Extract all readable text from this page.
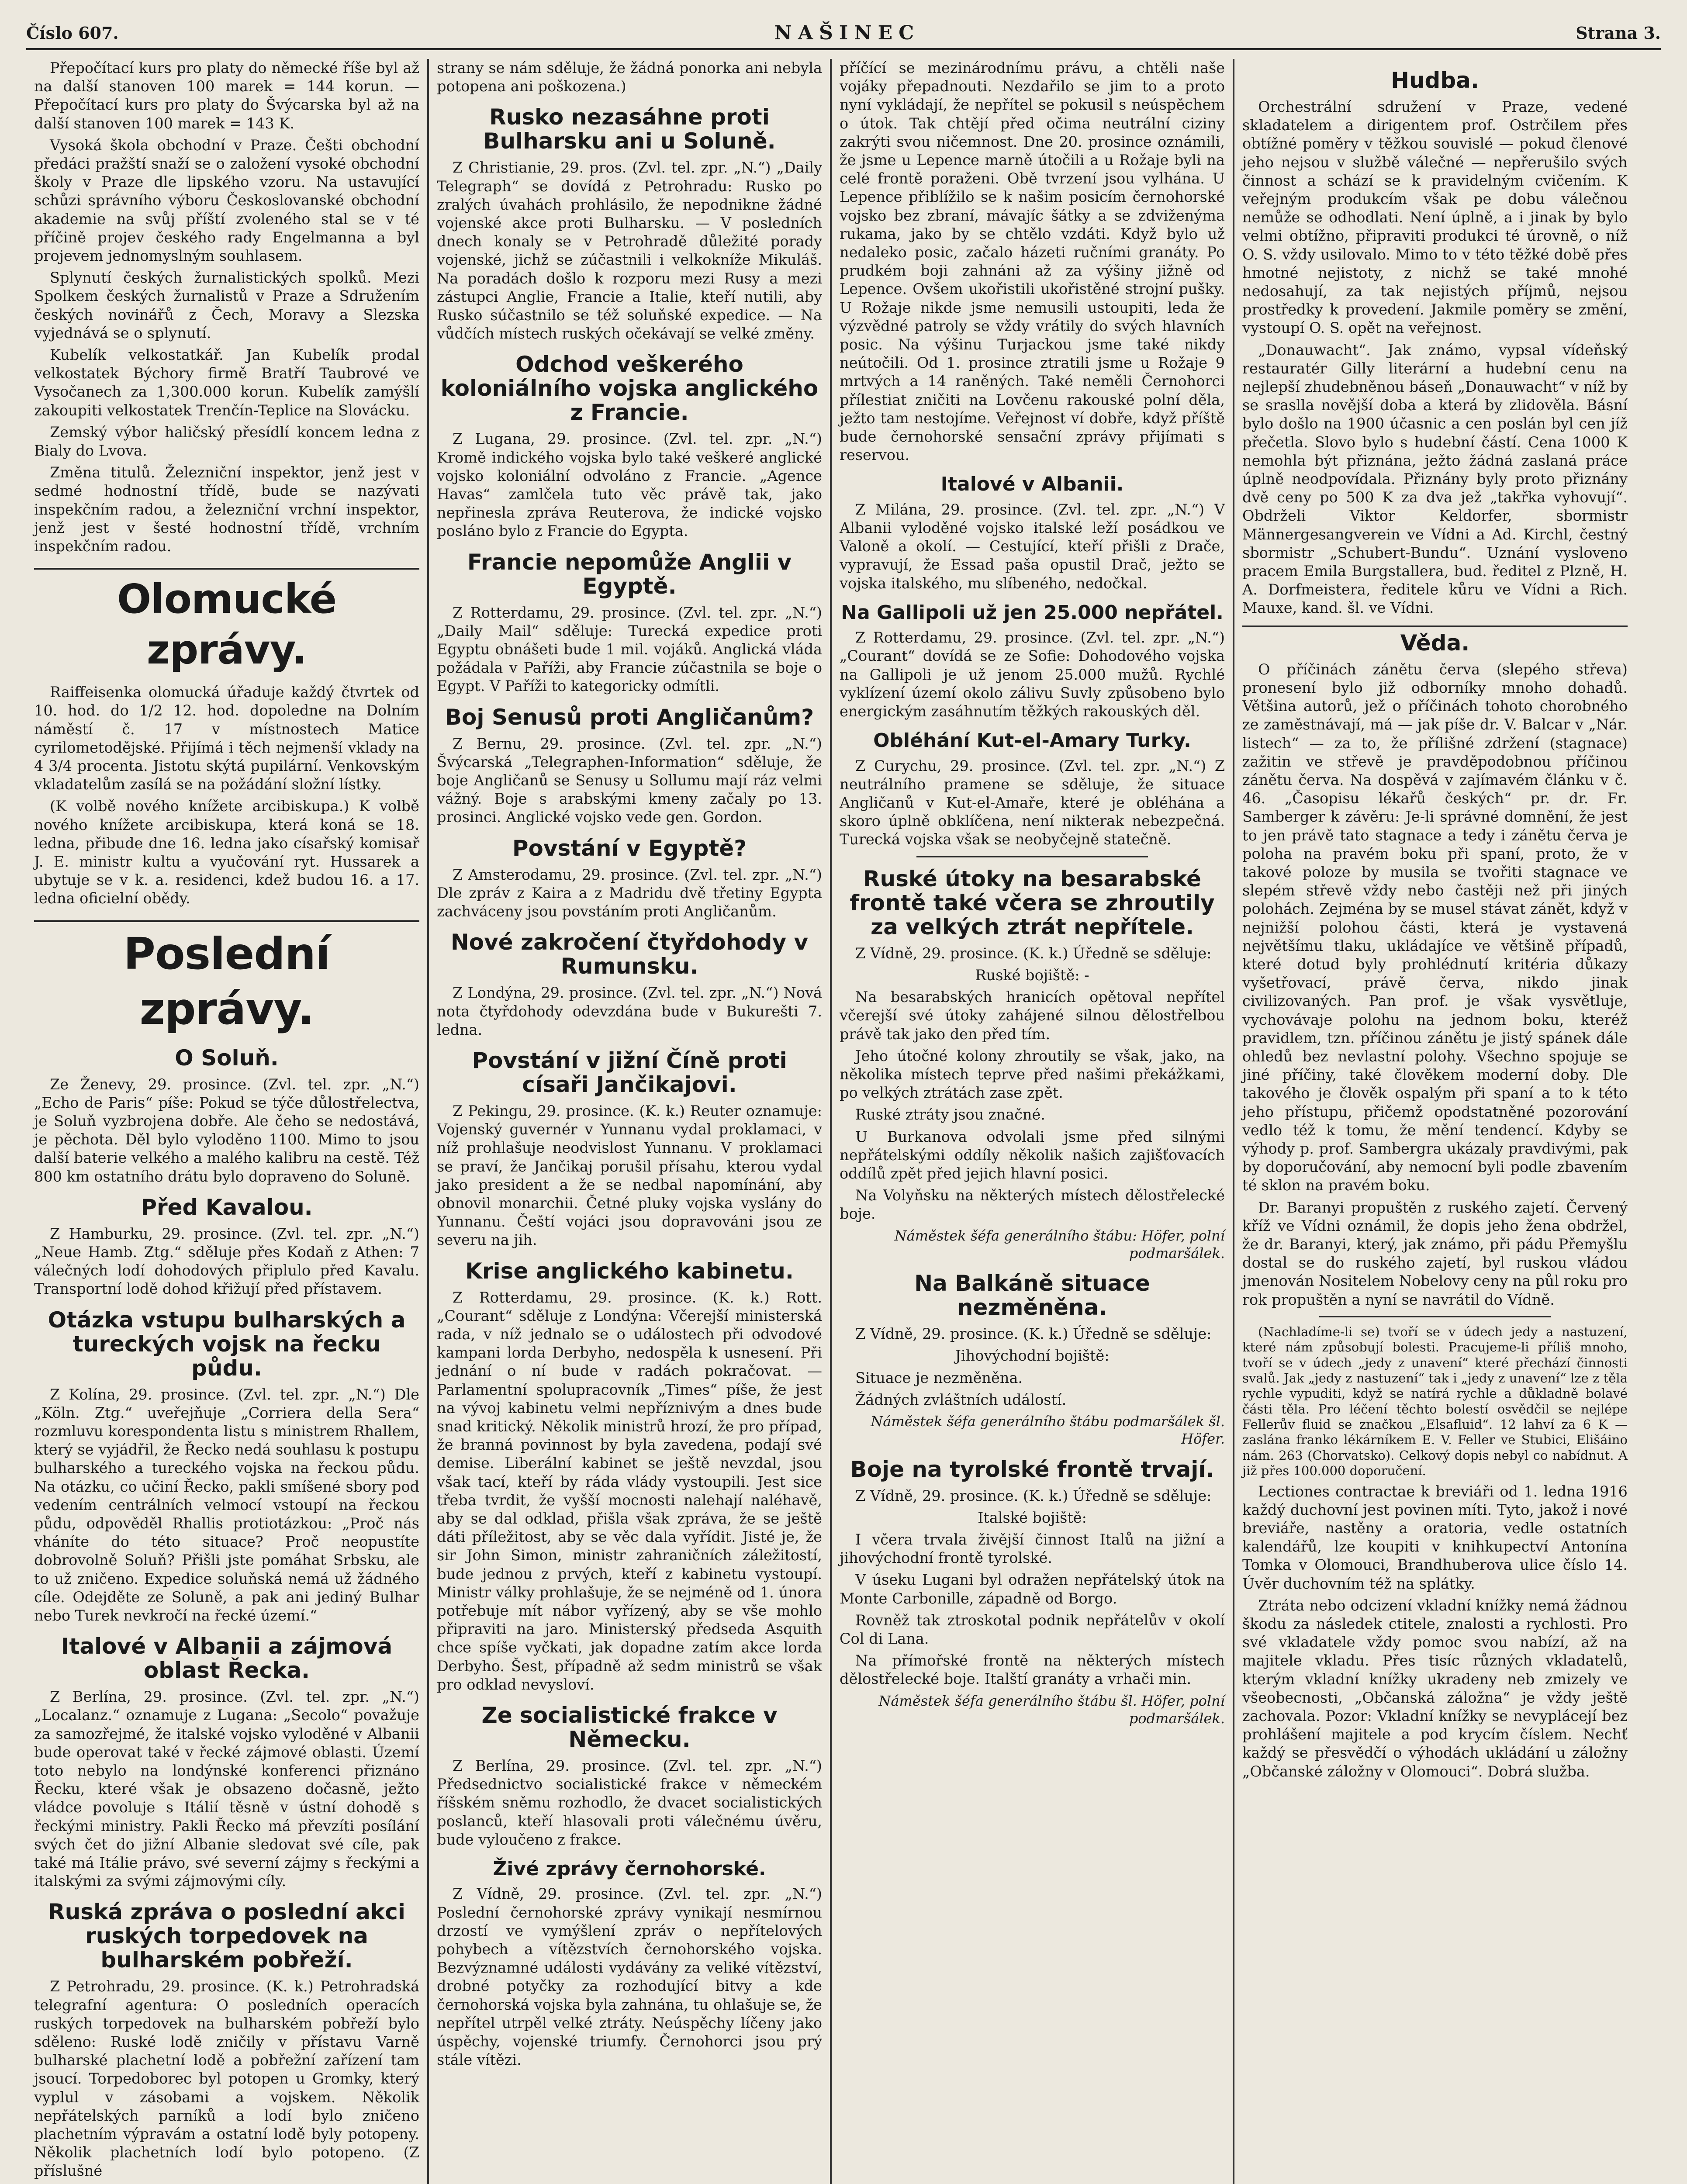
Číslo 607.	NAŠINEC	Strana 3.

Přepočítací kurs pro platy do německé říše byl až na další stanoven 100 marek = 144 korun. — Přepočítací kurs pro platy do Švýcarska byl až na další stanoven 100 marek = 143 K.

Vysoká škola obchodní v Praze. Češti obchodní předáci pražští snaží se o založení vysoké obchodní školy v Praze dle lipského vzoru. Na ustavující schůzi správního výboru Českoslovanské obchodní akademie na svůj příští zvoleného stal se v té příčině projev českého rady Engelmanna a byl projevem jednomyslným souhlasem.

Splynutí českých žurnalistických spolků. Mezi Spolkem českých žurnalistů v Praze a Sdružením českých novinářů z Čech, Moravy a Slezska vyjednává se o splynutí.

Kubelík velkostatkář. Jan Kubelík prodal velkostatek Býchory firmě Bratří Taubrové ve Vysočanech za 1,300.000 korun. Kubelík zamýšlí zakoupiti velkostatek Trenčín-Teplice na Slovácku.

Zemský výbor haličský přesídlí koncem ledna z Bialy do Lvova.

Změna titulů. Železniční inspektor, jenž jest v sedmé hodnostní třídě, bude se nazývati inspekčním radou, a železniční vrchní inspektor, jenž jest v šesté hodnostní třídě, vrchním inspekčním radou.

Olomucké zprávy.

Raiffeisenka olomucká úřaduje každý čtvrtek od 10. hod. do 1/2 12. hod. dopoledne na Dolním náměstí č. 17 v místnostech Matice cyrilometodějské. Přijímá i těch nejmenší vklady na 4 3/4 procenta. Jistotu skýtá pupilární. Venkovským vkladatelům zasílá se na požádání složní lístky.

(K volbě nového knížete arcibiskupa.) K volbě nového knížete arcibiskupa, která koná se 18. ledna, přibude dne 16. ledna jako císařský komisař J. E. ministr kultu a vyučování ryt. Hussarek a ubytuje se v k. a. residenci, kdež budou 16. a 17. ledna oficielní obědy.

Poslední zprávy.
O Soluň.

Ze Ženevy, 29. prosince. (Zvl. tel. zpr. „N.“) „Echo de Paris“ píše: Pokud se týče důlostřelectva, je Soluň vyzbrojena dobře. Ale čeho se nedostává, je pěchota. Děl bylo vyloděno 1100. Mimo to jsou další baterie velkého a malého kalibru na cestě. Též 800 km ostatního drátu bylo dopraveno do Soluně.

Před Kavalou.

Z Hamburku, 29. prosince. (Zvl. tel. zpr. „N.“) „Neue Hamb. Ztg.“ sděluje přes Kodaň z Athen: 7 válečných lodí dohodových připlulo před Kavalu. Transportní lodě dohod křižují před přístavem.

Otázka vstupu bulharských a tureckých vojsk na řecku půdu.

Z Kolína, 29. prosince. (Zvl. tel. zpr. „N.“) Dle „Köln. Ztg.“ uveřejňuje „Corriera della Sera“ rozmluvu korespondenta listu s ministrem Rhallem, který se vyjádřil, že Řecko nedá souhlasu k postupu bulharského a tureckého vojska na řeckou půdu. Na otázku, co učiní Řecko, pakli smíšené sbory pod vedením centrálních velmocí vstoupí na řeckou půdu, odpověděl Rhallis protiotázkou: „Proč nás vháníte do této situace? Proč neopustíte dobrovolně Soluň? Přišli jste pomáhat Srbsku, ale to už zničeno. Expedice soluňská nemá už žádného cíle. Odejděte ze Soluně, a pak ani jediný Bulhar nebo Turek nevkročí na řecké území.“

Italové v Albanii a zájmová oblast Řecka.

Z Berlína, 29. prosince. (Zvl. tel. zpr. „N.“) „Localanz.“ oznamuje z Lugana: „Secolo“ považuje za samozřejmé, že italské vojsko vyloděné v Albanii bude operovat také v řecké zájmové oblasti. Území toto nebylo na londýnské konferenci přiznáno Řecku, které však je obsazeno dočasně, ježto vládce povoluje s Itálií těsně v ústní dohodě s řeckými ministry. Pakli Řecko má převzíti posílání svých čet do jižní Albanie sledovat své cíle, pak také má Itálie právo, své severní zájmy s řeckými a italskými za svými zájmovými cíly.

Ruská zpráva o poslední akci ruských torpedovek na bulharském pobřeží.

Z Petrohradu, 29. prosince. (K. k.) Petrohradská telegrafní agentura: O posledních operacích ruských torpedovek na bulharském pobřeží bylo sděleno: Ruské lodě zničily v přístavu Varně bulharské plachetní lodě a pobřežní zařízení tam jsoucí. Torpedoborec byl potopen u Gromky, který vyplul v zásobami a vojskem. Několik nepřátelských parníků a lodí bylo zničeno plachetním výpravám a ostatní lodě byly potopeny. Několik plachetních lodí bylo potopeno. (Z příslušné

strany se nám sděluje, že žádná ponorka ani nebyla potopena ani poškozena.)

Rusko nezasáhne proti Bulharsku ani u Soluně.

Z Christianie, 29. pros. (Zvl. tel. zpr. „N.“) „Daily Telegraph“ se dovídá z Petrohradu: Rusko po zralých úvahách prohlásilo, že nepodnikne žádné vojenské akce proti Bulharsku. — V posledních dnech konaly se v Petrohradě důležité porady vojenské, jichž se zúčastnili i velkokníže Mikuláš. Na poradách došlo k rozporu mezi Rusy a mezi zástupci Anglie, Francie a Italie, kteří nutili, aby Rusko súčastnilo se též soluňské expedice. — Na vůdčích místech ruských očekávají se velké změny.

Odchod veškerého koloniálního vojska anglického z Francie.

Z Lugana, 29. prosince. (Zvl. tel. zpr. „N.“) Kromě indického vojska bylo také veškeré anglické vojsko koloniální odvoláno z Francie. „Agence Havas“ zamlčela tuto věc právě tak, jako nepřinesla zpráva Reuterova, že indické vojsko posláno bylo z Francie do Egypta.

Francie nepomůže Anglii v Egyptě.

Z Rotterdamu, 29. prosince. (Zvl. tel. zpr. „N.“) „Daily Mail“ sděluje: Turecká expedice proti Egyptu obnášeti bude 1 mil. vojáků. Anglická vláda požádala v Paříži, aby Francie zúčastnila se boje o Egypt. V Paříži to kategoricky odmítli.

Boj Senusů proti Angličanům?

Z Bernu, 29. prosince. (Zvl. tel. zpr. „N.“) Švýcarská „Telegraphen-Information“ sděluje, že boje Angličanů se Senusy u Sollumu mají ráz velmi vážný. Boje s arabskými kmeny začaly po 13. prosinci. Anglické vojsko vede gen. Gordon.

Povstání v Egyptě?

Z Amsterodamu, 29. prosince. (Zvl. tel. zpr. „N.“) Dle zpráv z Kaira a z Madridu dvě třetiny Egypta zachváceny jsou povstáním proti Angličanům.

Nové zakročení čtyřdohody v Rumunsku.

Z Londýna, 29. prosince. (Zvl. tel. zpr. „N.“) Nová nota čtyřdohody odevzdána bude v Bukurešti 7. ledna.

Povstání v jižní Číně proti císaři Jančikajovi.

Z Pekingu, 29. prosince. (K. k.) Reuter oznamuje: Vojenský guvernér v Yunnanu vydal proklamaci, v níž prohlašuje neodvislost Yunnanu. V proklamaci se praví, že Jančikaj porušil přísahu, kterou vydal jako president a že se nedbal napomínání, aby obnovil monarchii. Četné pluky vojska vyslány do Yunnanu. Čeští vojáci jsou dopravováni jsou ze severu na jih.

Krise anglického kabinetu.

Z Rotterdamu, 29. prosince. (K. k.) Rott. „Courant“ sděluje z Londýna: Včerejší ministerská rada, v níž jednalo se o událostech při odvodové kampani lorda Derbyho, nedospěla k usnesení. Při jednání o ní bude v radách pokračovat. — Parlamentní spolupracovník „Times“ píše, že jest na vývoj kabinetu velmi nepříznivým a dnes bude snad kritický. Několik ministrů hrozí, že pro případ, že branná povinnost by byla zavedena, podají své demise. Liberální kabinet se ještě nevzdal, jsou však tací, kteří by ráda vlády vystoupili. Jest sice třeba tvrdit, že vyšší mocnosti nalehají naléhavě, aby se dal odklad, přišla však zpráva, že se ještě dáti příležitost, aby se věc dala vyřídit. Jisté je, že sir John Simon, ministr zahraničních záležitostí, bude jednou z prvých, kteří z kabinetu vystoupí. Ministr války prohlašuje, že se nejméně od 1. února potřebuje mít nábor vyřízený, aby se vše mohlo připraviti na jaro. Ministerský předseda Asquith chce spíše vyčkati, jak dopadne zatím akce lorda Derbyho. Šest, případně až sedm ministrů se však pro odklad nevysloví.

Ze socialistické frakce v Německu.

Z Berlína, 29. prosince. (Zvl. tel. zpr. „N.“) Předsednictvo socialistické frakce v německém říšském sněmu rozhodlo, že dvacet socialistických poslanců, kteří hlasovali proti válečnému úvěru, bude vyloučeno z frakce.

Živé zprávy černohorské.

Z Vídně, 29. prosince. (Zvl. tel. zpr. „N.“) Poslední černohorské zprávy vynikají nesmírnou drzostí ve vymýšlení zpráv o nepřítelových pohybech a vítězstvích černohorského vojska. Bezvýznamné události vydávány za veliké vítězství, drobné potyčky za rozhodující bitvy a kde černohorská vojska byla zahnána, tu ohlašuje se, že nepřítel utrpěl velké ztráty. Neúspěchy líčeny jako úspěchy, vojenské triumfy. Černohorci jsou prý stále vítězi.

příčící se mezinárodnímu právu, a chtěli naše vojáky přepadnouti. Nezdařilo se jim to a proto nyní vykládají, že nepřítel se pokusil s neúspěchem o útok. Tak chtějí před očima neutrální ciziny zakrýti svou ničemnost. Dne 20. prosince oznámili, že jsme u Lepence marně útočili a u Rožaje byli na celé frontě poraženi. Obě tvrzení jsou vylhána. U Lepence přiblížilo se k našim posicím černohorské vojsko bez zbraní, mávajíc šátky a se zdviženýma rukama, jako by se chtělo vzdáti. Když bylo už nedaleko posic, začalo házeti ručními granáty. Po prudkém boji zahnáni až za výšiny jižně od Lepence. Ovšem ukořistili ukořistěné strojní pušky. U Rožaje nikde jsme nemusili ustoupiti, leda že výzvědné patroly se vždy vrátily do svých hlavních posic. Na výšinu Turjackou jsme také nikdy neútočili. Od 1. prosince ztratili jsme u Rožaje 9 mrtvých a 14 raněných. Také neměli Černohorci přílestiat zničiti na Lovčenu rakouské polní děla, ježto tam nestojíme. Veřejnost ví dobře, když příště bude černohorské sensační zprávy přijímati s reservou.

Italové v Albanii.

Z Milána, 29. prosince. (Zvl. tel. zpr. „N.“) V Albanii vyloděné vojsko italské leží posádkou ve Valoně a okolí. — Cestující, kteří přišli z Drače, vypravují, že Essad paša opustil Drač, ježto se vojska italského, mu slíbeného, nedočkal.

Na Gallipoli už jen 25.000 nepřátel.

Z Rotterdamu, 29. prosince. (Zvl. tel. zpr. „N.“) „Courant“ dovídá se ze Sofie: Dohodového vojska na Gallipoli je už jenom 25.000 mužů. Rychlé vyklízení území okolo zálivu Suvly způsobeno bylo energickým zasáhnutím těžkých rakouských děl.

Obléhání Kut-el-Amary Turky.

Z Curychu, 29. prosince. (Zvl. tel. zpr. „N.“) Z neutrálního pramene se sděluje, že situace Angličanů v Kut-el-Amaře, které je obléhána a skoro úplně obklíčena, není nikterak nebezpečná. Turecká vojska však se neobyčejně statečně.

Ruské útoky na besarabské frontě také včera se zhroutily za velkých ztrát nepřítele.

Z Vídně, 29. prosince. (K. k.) Úředně se sděluje:

Ruské bojiště: -

Na besarabských hranicích opětoval nepřítel včerejší své útoky zahájené silnou dělostřelbou právě tak jako den před tím.

Jeho útočné kolony zhroutily se však, jako, na několika místech teprve před našimi překážkami, po velkých ztrátách zase zpět.

Ruské ztráty jsou značné.

U Burkanova odvolali jsme před silnými nepřátelskými oddíly několik našich zajišťovacích oddílů zpět před jejich hlavní posici.

Na Volyňsku na některých místech dělostřelecké boje.

Náměstek šéfa generálního štábu: Höfer, polní podmaršálek.
Na Balkáně situace nezměněna.

Z Vídně, 29. prosince. (K. k.) Úředně se sděluje:

Jihovýchodní bojiště:

Situace je nezměněna.

Žádných zvláštních událostí.

Náměstek šéfa generálního štábu podmaršálek šl. Höfer.
Boje na tyrolské frontě trvají.

Z Vídně, 29. prosince. (K. k.) Úředně se sděluje:

Italské bojiště:

I včera trvala živější činnost Italů na jižní a jihovýchodní frontě tyrolské.

V úseku Lugani byl odražen nepřátelský útok na Monte Carbonille, západně od Borgo.

Rovněž tak ztroskotal podnik nepřátelův v okolí Col di Lana.

Na přímořské frontě na některých místech dělostřelecké boje. Italští granáty a vrhači min.

Náměstek šéfa generálního štábu šl. Höfer, polní podmaršálek.
Hudba.

Orchestrální sdružení v Praze, vedené skladatelem a dirigentem prof. Ostrčilem přes obtížné poměry v těžkou souvislé — pokud členové jeho nejsou v službě válečné — nepřerušilo svých činnost a schází se k pravidelným cvičením. K veřejným produkcím však pe dobu válečnou nemůže se odhodlati. Není úplně, a i jinak by bylo velmi obtížno, připraviti produkci té úrovně, o níž O. S. vždy usilovalo. Mimo to v této těžké době přes hmotné nejistoty, z nichž se také mnohé nedosahují, za tak nejistých příjmů, nejsou prostředky k provedení. Jakmile poměry se změní, vystoupí O. S. opět na veřejnost.

„Donauwacht“. Jak známo, vypsal vídeňský restauratér Gilly literární a hudební cenu na nejlepší zhudebněnou báseň „Donauwacht“ v níž by se sraslla novější doba a která by zlidověla. Básní bylo došlo na 1900 účasnic a cen poslán byl cen jíž přečetla. Slovo bylo s hudební částí. Cena 1000 K nemohla být přiznána, ježto žádná zaslaná práce úplně neodpovídala. Přiznány byly proto přiznány dvě ceny po 500 K za dva jež „takřka vyhovují“. Obdrželi Viktor Keldorfer, sbormistr Männergesangverein ve Vídni a Ad. Kirchl, čestný sbormistr „Schubert-Bundu“. Uznání vysloveno pracem Emila Burgstallera, bud. ředitel z Plzně, H. A. Dorfmeistera, ředitele kůru ve Vídni a Rich. Mauxe, kand. šl. ve Vídni.

Věda.

O příčinách zánětu červa (slepého střeva) pronesení bylo již odborníky mnoho dohadů. Většina autorů, jež o příčinách tohoto chorobného ze zaměstnávají, má — jak píše dr. V. Balcar v „Nár. listech“ — za to, že přílišné zdržení (stagnace) zažitin ve střevě je pravděpodobnou příčinou zánětu červa. Na dospěvá v zajímavém článku v č. 46. „Časopisu lékařů českých“ pr. dr. Fr. Samberger k závěru: Je-li správné domnění, že jest to jen právě tato stagnace a tedy i zánětu červa je poloha na pravém boku při spaní, proto, že v takové poloze by musila se tvořiti stagnace ve slepém střevě vždy nebo častěji než při jiných polohách. Zejména by se musel stávat zánět, když v nejnižší polohou části, která je vystavená největšímu tlaku, ukládajíce ve většině případů, které dotud byly prohlédnutí kritéria důkazy vyšetřovací, právě červa, nikdo jinak civilizovaných. Pan prof. je však vysvětluje, vychovávaje polohu na jednom boku, kteréž pravidlem, tzn. příčinou zánětu je jistý spánek dále ohledů bez nevlastní polohy. Všechno spojuje se jiné příčiny, také člověkem moderní doby. Dle takového je člověk ospalým při spaní a to k této jeho přístupu, přičemž opodstatněné pozorování vedlo též k tomu, že mění tendencí. Kdyby se výhody p. prof. Sambergra ukázaly pravdivými, pak by doporučování, aby nemocní byli podle zbavením té sklon na pravém boku.

Dr. Baranyi propuštěn z ruského zajetí. Červený kříž ve Vídni oznámil, že dopis jeho žena obdržel, že dr. Baranyi, který, jak známo, při pádu Přemyšlu dostal se do ruského zajetí, byl ruskou vládou jmenován Nositelem Nobelovy ceny na půl roku pro rok propuštěn a nyní se navrátil do Vídně.

(Nachladíme-li se) tvoří se v údech jedy a nastuzení, které nám způsobují bolesti. Pracujeme-li příliš mnoho, tvoří se v údech „jedy z unavení“ které přechází činnosti svalů. Jak „jedy z nastuzení“ tak i „jedy z unavení“ lze z těla rychle vypuditi, když se natírá rychle a důkladně bolavé části těla. Pro léčení těchto bolestí osvědčil se nejlépe Fellerův fluid se značkou „Elsafluid“. 12 lahví za 6 K — zaslána franko lékárníkem E. V. Feller ve Stubici, Elišáino nám. 263 (Chorvatsko). Celkový dopis nebyl co nabídnut. A již přes 100.000 doporučení.

Lectiones contractae k breviáři od 1. ledna 1916 každý duchovní jest povinen míti. Tyto, jakož i nové breviáře, nastěny a oratoria, vedle ostatních kalendářů, lze koupiti v knihkupectví Antonína Tomka v Olomouci, Brandhuberova ulice číslo 14. Úvěr duchovním též na splátky.

Ztráta nebo odcizení vkladní knížky nemá žádnou škodu za následek ctitele, znalosti a rychlosti. Pro své vkladatele vždy pomoc svou nabízí, až na majitele vkladu. Přes tisíc různých vkladatelů, kterým vkladní knížky ukradeny neb zmizely ve všeobecnosti, „Občanská záložna“ je vždy ještě zachovala. Pozor: Vkladní knížky se nevyplácejí bez prohlášení majitele a pod krycím číslem. Nechť každý se přesvědčí o výhodách ukládání u záložny „Občanské záložny v Olomouci“. Dobrá služba.
